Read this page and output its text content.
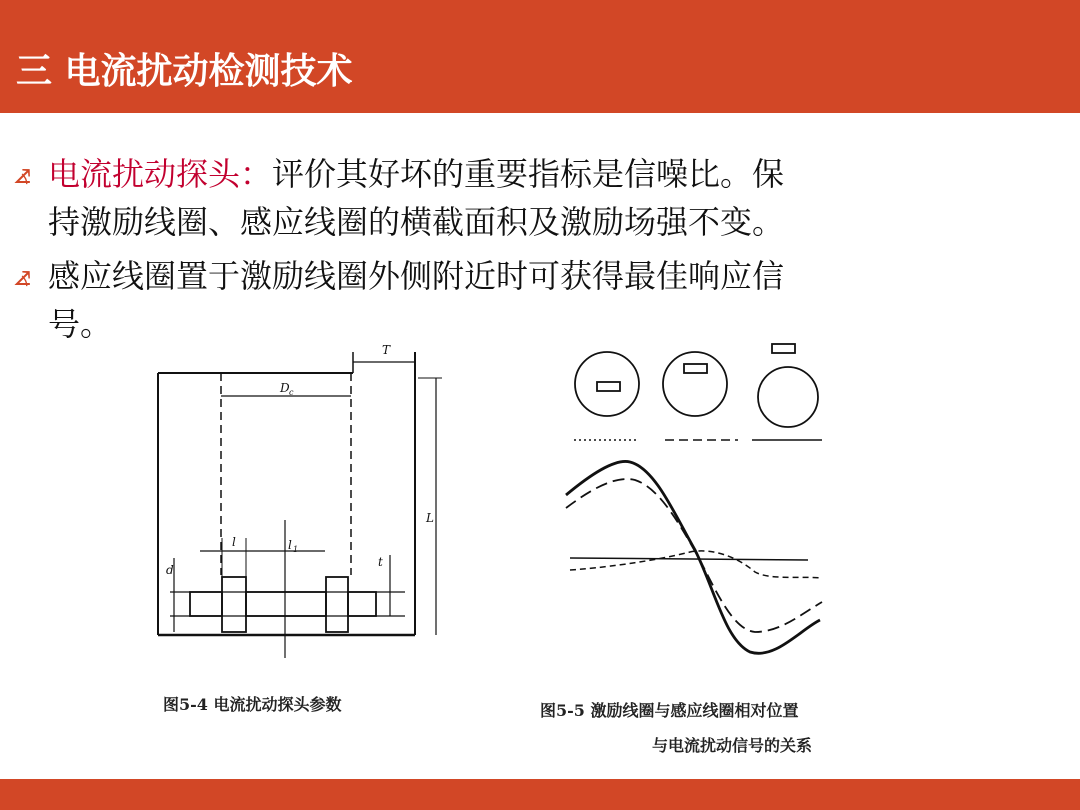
三 电流扰动检测技术
⦨ 电流扰动探头：评价其好坏的重要指标是信噪比。保
持激励线圈、感应线圈的横截面积及激励场强不变。
⦨ 感应线圈置于激励线圈外侧附近时可获得最佳响应信
号。
T
D c
L
l	l 1
d
t
图5-4 电流扰动探头参数	图5-5 激励线圈与感应线圈相对位置
与电流扰动信号的关系
